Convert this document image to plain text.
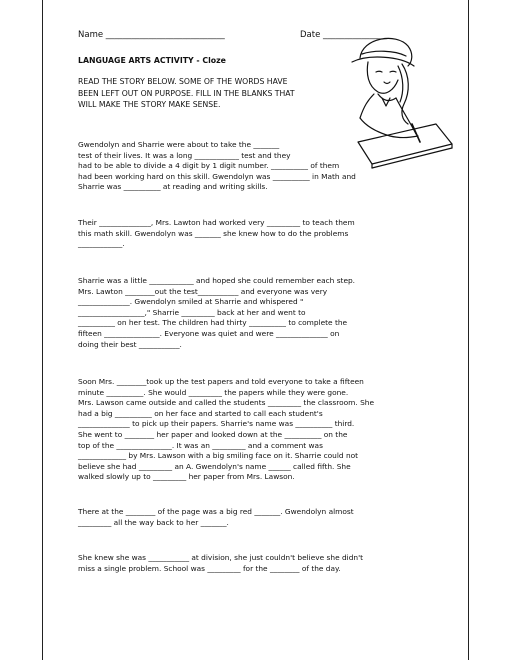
Name ____________________________	Date _______________
LANGUAGE ARTS ACTIVITY - Cloze
READ THE STORY BELOW. SOME OF THE WORDS HAVE
BEEN LEFT OUT ON PURPOSE. FILL IN THE BLANKS THAT
WILL MAKE THE STORY MAKE SENSE.
Gwendolyn and Sharrie were about to take the _______
test of their lives. It was a long ____________ test and they
had to be able to divide a 4 digit by 1 digit number. __________ of them
had been working hard on this skill. Gwendolyn was __________ in Math and
Sharrie was __________ at reading and writing skills.
Their ______________, Mrs. Lawton had worked very _________ to teach them
this math skill. Gwendolyn was _______ she knew how to do the problems
____________.
Sharrie was a little ____________ and hoped she could remember each step.
Mrs. Lawton ________out the test___________ and everyone was very
______________. Gwendolyn smiled at Sharrie and whispered "
__________________," Sharrie _________ back at her and went to
__________ on her test. The children had thirty __________ to complete the
fifteen _______________. Everyone was quiet and were ______________ on
doing their best ___________.
Soon Mrs. ________took up the test papers and told everyone to take a fifteen
minute __________. She would _________ the papers while they were gone.
Mrs. Lawson came outside and called the students _________ the classroom. She
had a big __________ on her face and started to call each student's
______________ to pick up their papers. Sharrie's name was __________ third.
She went to ________ her paper and looked down at the __________ on the
top of the _______________. It was an _________ and a comment was
_____________ by Mrs. Lawson with a big smiling face on it. Sharrie could not
believe she had _________ an A. Gwendolyn's name ______ called fifth. She
walked slowly up to _________ her paper from Mrs. Lawson.
There at the ________ of the page was a big red _______. Gwendolyn almost
_________ all the way back to her _______.
She knew she was ___________ at division, she just couldn't believe she didn't
miss a single problem. School was _________ for the ________ of the day.
